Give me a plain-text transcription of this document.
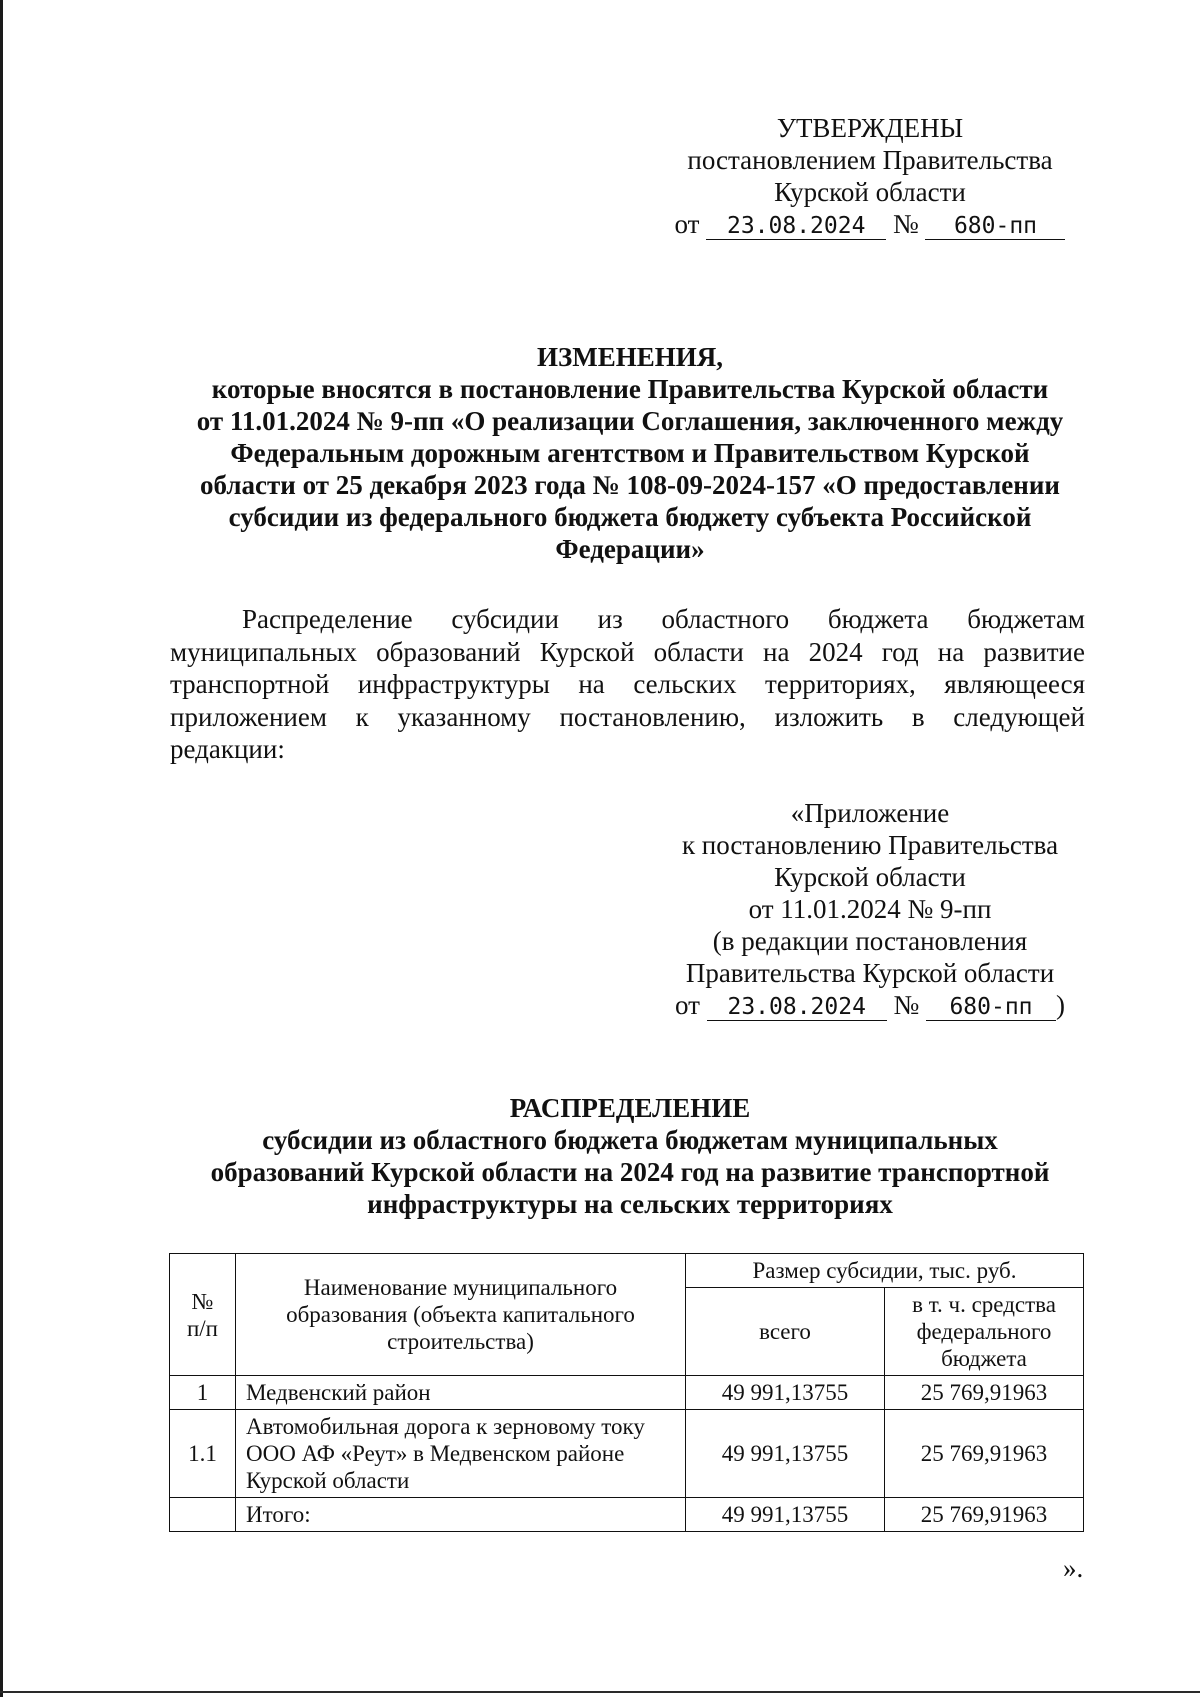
УТВЕРЖДЕНЫ
постановлением Правительства
Курской области
от 23.08.2024 № 680-пп
ИЗМЕНЕНИЯ,
которые вносятся в постановление Правительства Курской области
от 11.01.2024 № 9-пп «О реализации Соглашения, заключенного между
Федеральным дорожным агентством и Правительством Курской
области от 25 декабря 2023 года № 108-09-2024-157 «О предоставлении
субсидии из федерального бюджета бюджету субъекта Российской
Федерации»
Распределение субсидии из областного бюджета бюджетам
муниципальных образований Курской области на 2024 год на развитие
транспортной инфраструктуры на сельских территориях, являющееся
приложением к указанному постановлению, изложить в следующей
редакции:
«Приложение
к постановлению Правительства
Курской области
от 11.01.2024 № 9-пп
(в редакции постановления
Правительства Курской области
от 23.08.2024 № 680-пп )
РАСПРЕДЕЛЕНИЕ
субсидии из областного бюджета бюджетам муниципальных
образований Курской области на 2024 год на развитие транспортной
инфраструктуры на сельских территориях
№ п/п	Наименование муниципального образования (объекта капитального строительства)	Размер субсидии, тыс. руб.	
		всего	в т. ч. средства федерального бюджета
1	Медвенский район	49 991,13755	25 769,91963
1.1	Автомобильная дорога к зерновому току ООО АФ «Реут» в Медвенском районе Курской области	49 991,13755	25 769,91963
	Итого:	49 991,13755	25 769,91963
».
